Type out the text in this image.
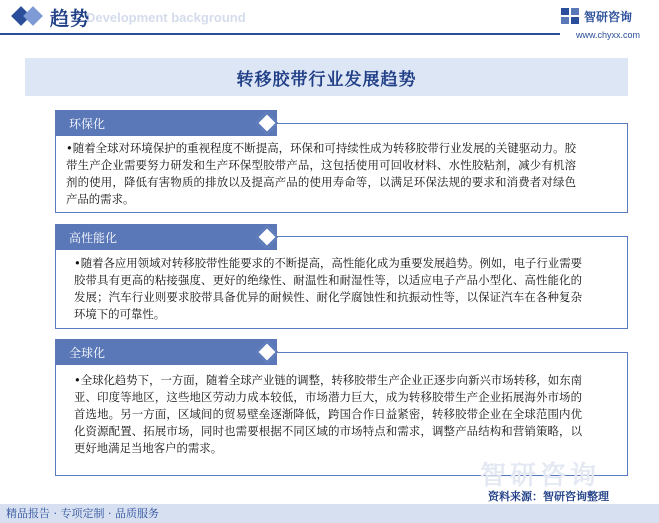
Development background
趋势	智研咨询
www.chyxx.com
转移胶带行业发展趋势
环保化
•随着全球对环境保护的重视程度不断提高，环保和可持续性成为转移胶带行业发展的关键驱动力。胶带生产企业需要努力研发和生产环保型胶带产品，这包括使用可回收材料、水性胶粘剂，减少有机溶剂的使用，降低有害物质的排放以及提高产品的使用寿命等，以满足环保法规的要求和消费者对绿色产品的需求。
高性能化
•随着各应用领域对转移胶带性能要求的不断提高，高性能化成为重要发展趋势。例如，电子行业需要胶带具有更高的粘接强度、更好的绝缘性、耐温性和耐湿性等，以适应电子产品小型化、高性能化的发展；汽车行业则要求胶带具备优异的耐候性、耐化学腐蚀性和抗振动性等，以保证汽车在各种复杂环境下的可靠性。
全球化
•全球化趋势下，一方面，随着全球产业链的调整，转移胶带生产企业正逐步向新兴市场转移，如东南亚、印度等地区，这些地区劳动力成本较低，市场潜力巨大，成为转移胶带生产企业拓展海外市场的首选地。另一方面，区域间的贸易壁垒逐渐降低，跨国合作日益紧密，转移胶带企业在全球范围内优化资源配置、拓展市场，同时也需要根据不同区域的市场特点和需求，调整产品结构和营销策略，以更好地满足当地客户的需求。
智研咨询
资料来源：智研咨询整理
精品报告 · 专项定制 · 品质服务
